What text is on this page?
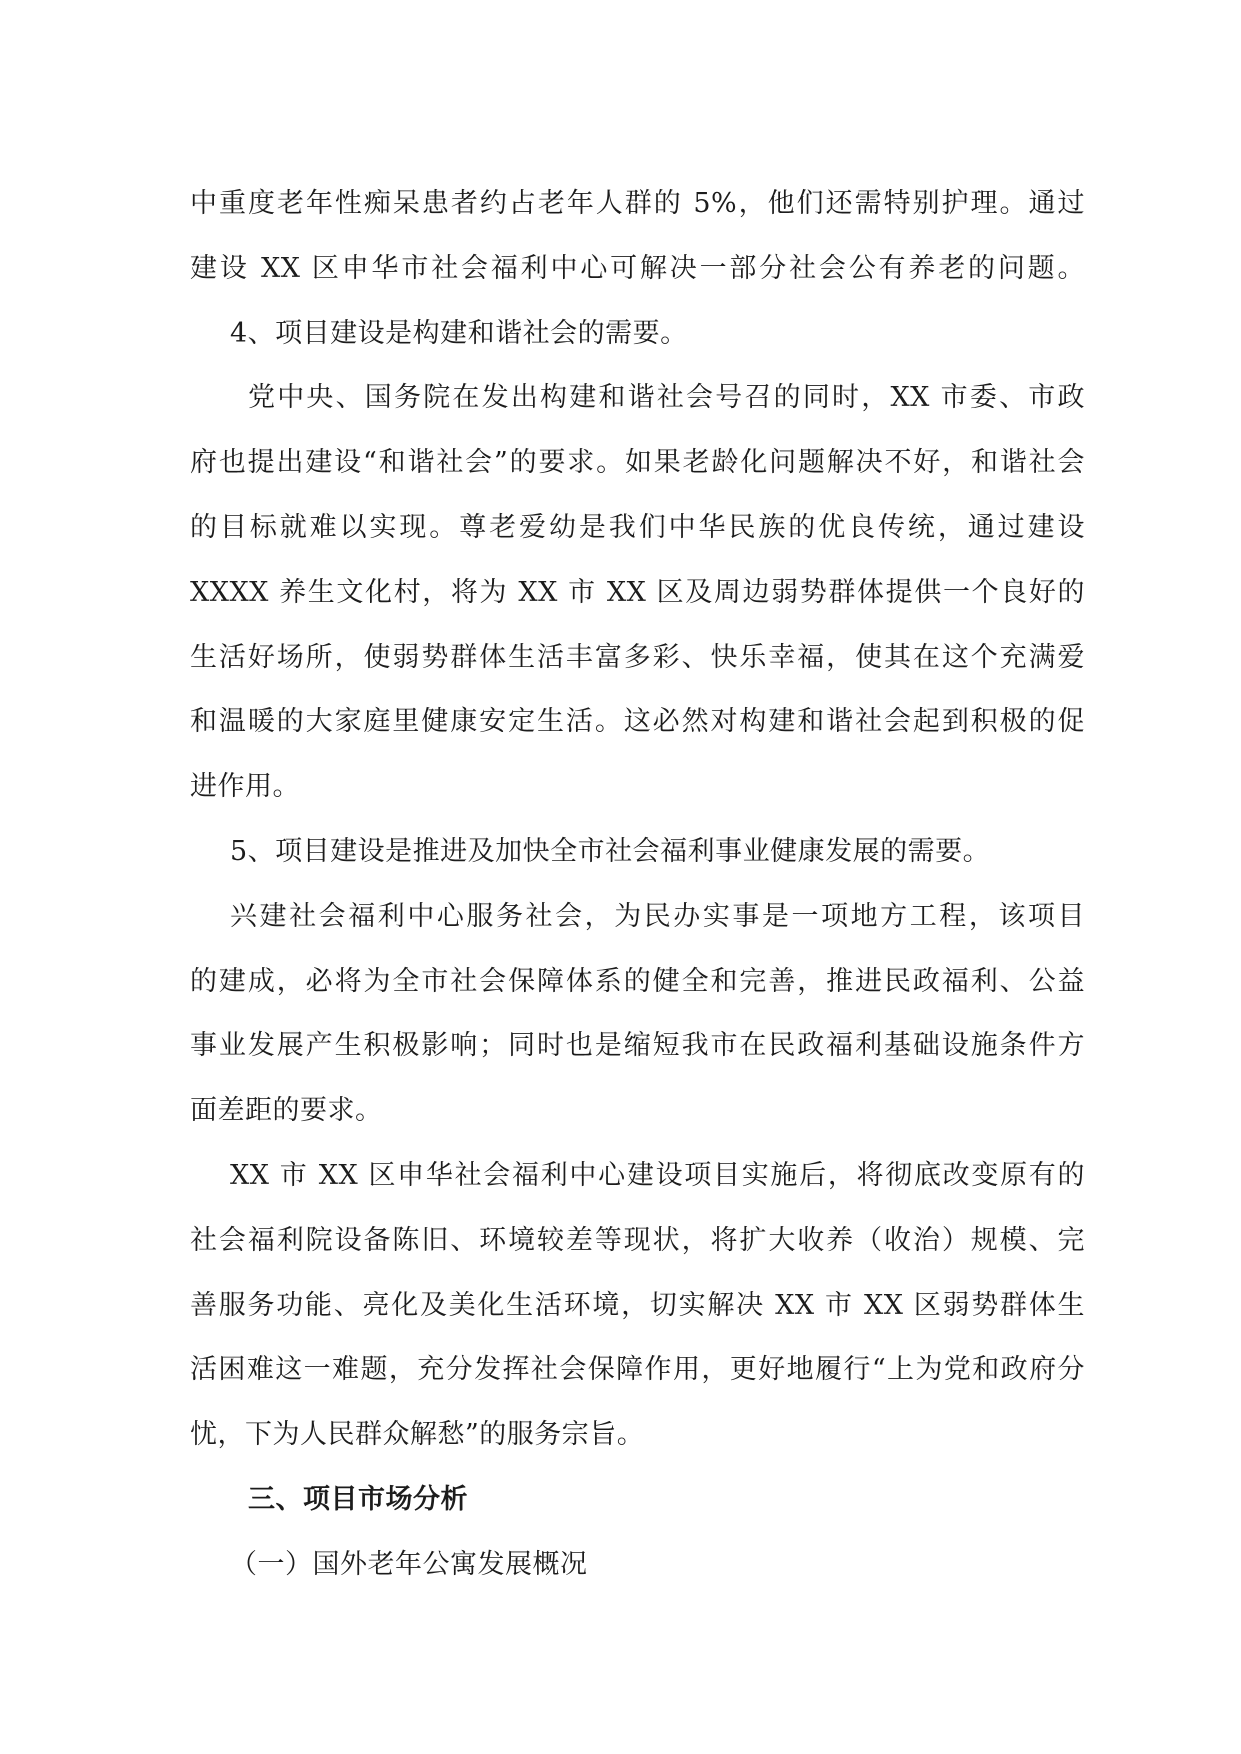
中重度老年性痴呆患者约占老年人群的 5%，他们还需特别护理。通过
建设 XX 区申华市社会福利中心可解决一部分社会公有养老的问题。
4、项目建设是构建和谐社会的需要。
党中央、国务院在发出构建和谐社会号召的同时，XX 市委、市政
府也提出建设“和谐社会”的要求。如果老龄化问题解决不好，和谐社会
的目标就难以实现。尊老爱幼是我们中华民族的优良传统，通过建设
XXXX 养生文化村，将为 XX 市 XX 区及周边弱势群体提供一个良好的
生活好场所，使弱势群体生活丰富多彩、快乐幸福，使其在这个充满爱
和温暖的大家庭里健康安定生活。这必然对构建和谐社会起到积极的促
进作用。
5、项目建设是推进及加快全市社会福利事业健康发展的需要。
兴建社会福利中心服务社会，为民办实事是一项地方工程，该项目
的建成，必将为全市社会保障体系的健全和完善，推进民政福利、公益
事业发展产生积极影响；同时也是缩短我市在民政福利基础设施条件方
面差距的要求。
XX 市 XX 区申华社会福利中心建设项目实施后，将彻底改变原有的
社会福利院设备陈旧、环境较差等现状，将扩大收养（收治）规模、完
善服务功能、亮化及美化生活环境，切实解决 XX 市 XX 区弱势群体生
活困难这一难题，充分发挥社会保障作用，更好地履行“上为党和政府分
忧，下为人民群众解愁”的服务宗旨。
三、项目市场分析
（一）国外老年公寓发展概况
